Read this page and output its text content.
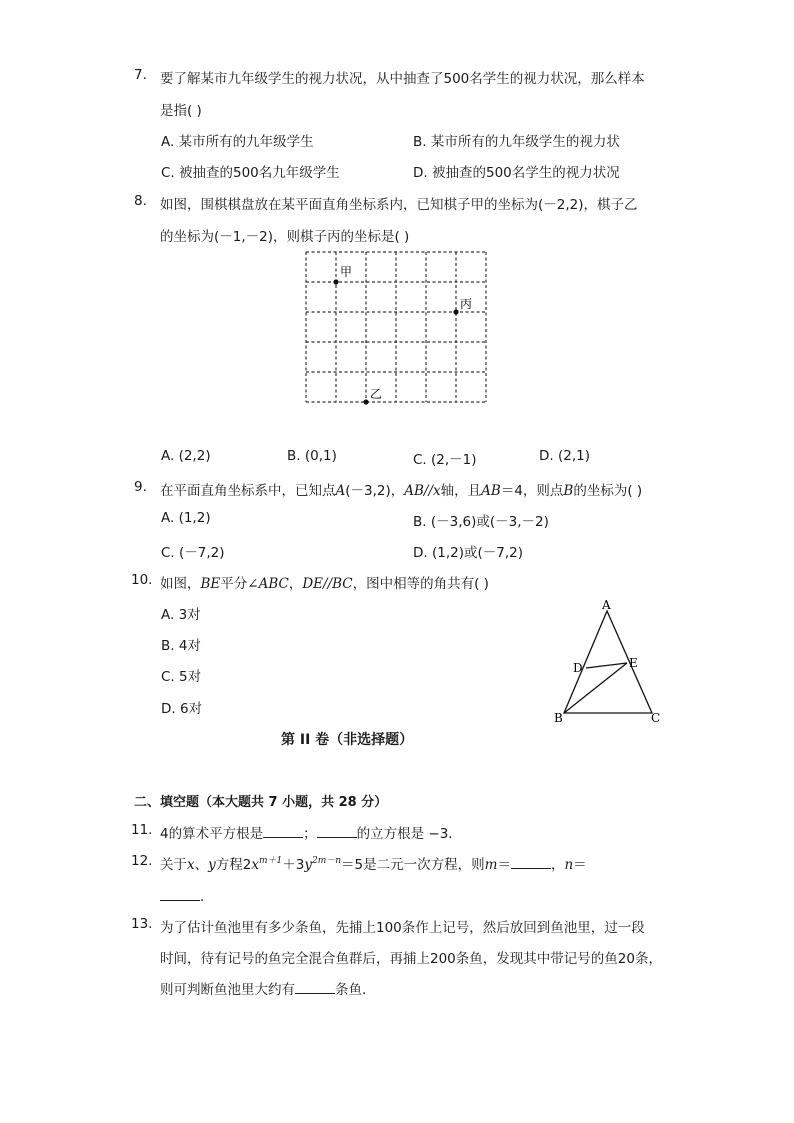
7. 要了解某市九年级学生的视力状况，从中抽查了500名学生的视力状况，那么样本
是指( )
A. 某市所有的九年级学生	B. 某市所有的九年级学生的视力状
C. 被抽查的500名九年级学生	D. 被抽查的500名学生的视力状况
8. 如图，围棋棋盘放在某平面直角坐标系内，已知棋子甲的坐标为(－2,2)，棋子乙
的坐标为(－1,－2)，则棋子丙的坐标是( )
甲
丙
乙
A. (2,2)	B. (0,1)	C. (2,－1)	D. (2,1)
9. 在平面直角坐标系中，已知点A(－3,2)，AB//x轴，且AB＝4，则点B的坐标为( )
A. (1,2)	B. (－3,6)或(－3,－2)
C. (－7,2)	D. (1,2)或(－7,2)
10. 如图，BE平分∠ABC，DE//BC，图中相等的角共有( )
A. 3对
B. 4对
C. 5对
D. 6对
A
B	C
D	E
第 II 卷（非选择题）
二、填空题（本大题共 7 小题，共 28 分）
11. 4的算术平方根是	；	的立方根是 −3．
12. 关于x、y方程$2x^{m+1}+3y^{2m-n}=5$是二元一次方程，则m＝	，n＝
．
13. 为了估计鱼池里有多少条鱼，先捕上100条作上记号，然后放回到鱼池里，过一段
时间，待有记号的鱼完全混合鱼群后，再捕上200条鱼，发现其中带记号的鱼20条，
则可判断鱼池里大约有	条鱼．
